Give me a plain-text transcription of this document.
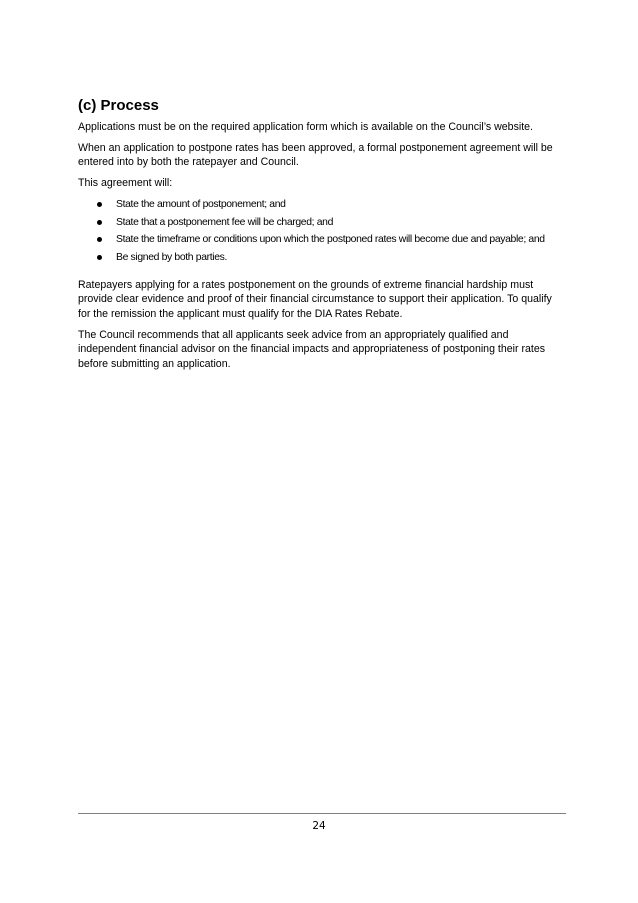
(c) Process

Applications must be on the required application form which is available on the Council’s website.

When an application to postpone rates has been approved, a formal postponement agreement will be entered into by both the ratepayer and Council.

This agreement will:

State the amount of postponement; and
State that a postponement fee will be charged; and
State the timeframe or conditions upon which the postponed rates will become due and payable; and
Be signed by both parties.

Ratepayers applying for a rates postponement on the grounds of extreme financial hardship must provide clear evidence and proof of their financial circumstance to support their application. To qualify for the remission the applicant must qualify for the DIA Rates Rebate.

The Council recommends that all applicants seek advice from an appropriately qualified and independent financial advisor on the financial impacts and appropriateness of postponing their rates before submitting an application.

24
